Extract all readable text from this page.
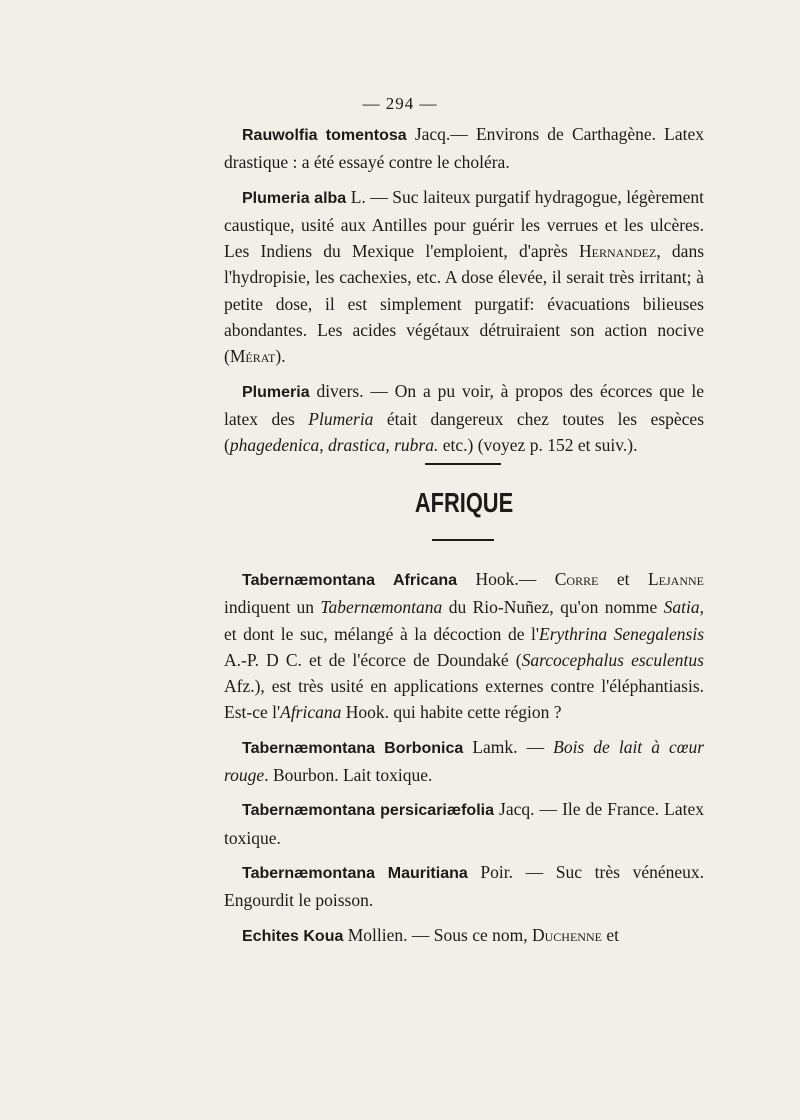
— 294 —

Rauwolfia tomentosa Jacq.— Environs de Carthagène. Latex drastique : a été essayé contre le choléra.

Plumeria alba L. — Suc laiteux purgatif hydragogue, légèrement caustique, usité aux Antilles pour guérir les verrues et les ulcères. Les Indiens du Mexique l'emploient, d'après Hernandez, dans l'hydropisie, les cachexies, etc. A dose élevée, il serait très irritant; à petite dose, il est simplement purgatif: évacuations bilieuses abondantes. Les acides végétaux détruiraient son action nocive (Mérat).

Plumeria divers. — On a pu voir, à propos des écorces que le latex des Plumeria était dangereux chez toutes les espèces (phagedenica, drastica, rubra. etc.) (voyez p. 152 et suiv.).

AFRIQUE

Tabernæmontana Africana Hook.— Corre et Lejanne indiquent un Tabernæmontana du Rio-Nuñez, qu'on nomme Satia, et dont le suc, mélangé à la décoction de l'Erythrina Senegalensis A.-P. D C. et de l'écorce de Doundaké (Sarcocephalus esculentus Afz.), est très usité en applications externes contre l'éléphantiasis. Est-ce l'Africana Hook. qui habite cette région ?

Tabernæmontana Borbonica Lamk. — Bois de lait à cœur rouge. Bourbon. Lait toxique.

Tabernæmontana persicariæfolia Jacq. — Ile de France. Latex toxique.

Tabernæmontana Mauritiana Poir. — Suc très vénéneux. Engourdit le poisson.

Echites Koua Mollien. — Sous ce nom, Duchenne et
